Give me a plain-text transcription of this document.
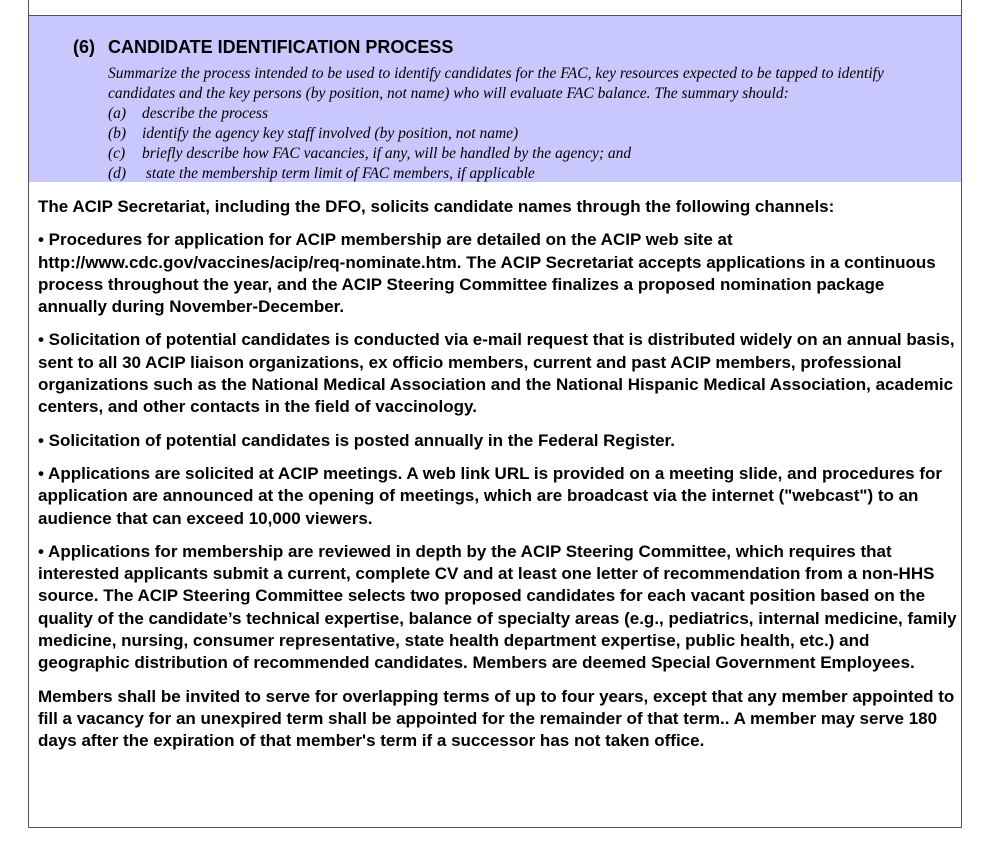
(6) CANDIDATE IDENTIFICATION PROCESS
Summarize the process intended to be used to identify candidates for the FAC, key resources expected to be tapped to identify candidates and the key persons (by position, not name) who will evaluate FAC balance. The summary should:
(a) describe the process
(b) identify the agency key staff involved (by position, not name)
(c) briefly describe how FAC vacancies, if any, will be handled by the agency; and
(d) state the membership term limit of FAC members, if applicable

The ACIP Secretariat, including the DFO, solicits candidate names through the following channels:

• Procedures for application for ACIP membership are detailed on the ACIP web site at http://www.cdc.gov/vaccines/acip/req-nominate.htm. The ACIP Secretariat accepts applications in a continuous process throughout the year, and the ACIP Steering Committee finalizes a proposed nomination package annually during November-December.

• Solicitation of potential candidates is conducted via e-mail request that is distributed widely on an annual basis, sent to all 30 ACIP liaison organizations, ex officio members, current and past ACIP members, professional organizations such as the National Medical Association and the National Hispanic Medical Association, academic centers, and other contacts in the field of vaccinology.

• Solicitation of potential candidates is posted annually in the Federal Register.

• Applications are solicited at ACIP meetings. A web link URL is provided on a meeting slide, and procedures for application are announced at the opening of meetings, which are broadcast via the internet ("webcast") to an audience that can exceed 10,000 viewers.

• Applications for membership are reviewed in depth by the ACIP Steering Committee, which requires that interested applicants submit a current, complete CV and at least one letter of recommendation from a non-HHS source. The ACIP Steering Committee selects two proposed candidates for each vacant position based on the quality of the candidate’s technical expertise, balance of specialty areas (e.g., pediatrics, internal medicine, family medicine, nursing, consumer representative, state health department expertise, public health, etc.) and geographic distribution of recommended candidates. Members are deemed Special Government Employees.

Members shall be invited to serve for overlapping terms of up to four years, except that any member appointed to fill a vacancy for an unexpired term shall be appointed for the remainder of that term.. A member may serve 180 days after the expiration of that member's term if a successor has not taken office.
